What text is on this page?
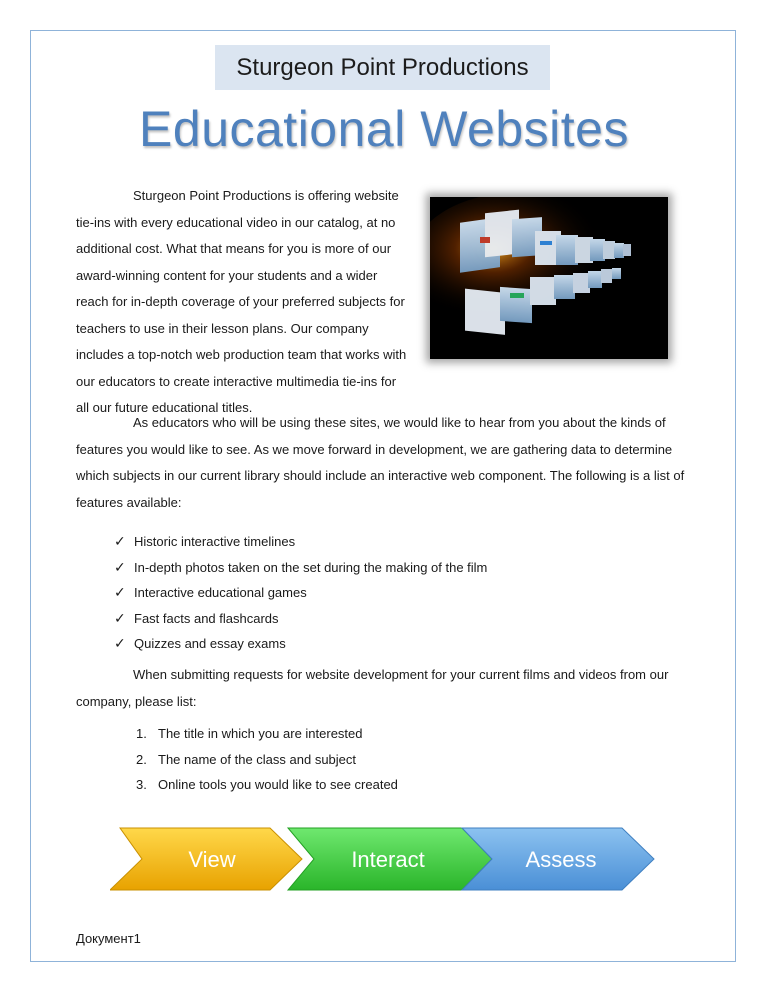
Sturgeon Point Productions
Educational Websites

Sturgeon Point Productions is offering website tie-ins with every educational video in our catalog, at no additional cost. What that means for you is more of our award-winning content for your students and a wider reach for in-depth coverage of your preferred subjects for teachers to use in their lesson plans. Our company includes a top-notch web production team that works with our educators to create interactive multimedia tie-ins for all our future educational titles.

As educators who will be using these sites, we would like to hear from you about the kinds of features you would like to see. As we move forward in development, we are gathering data to determine which subjects in our current library should include an interactive web component. The following is a list of features available:

✓ Historic interactive timelines
✓ In-depth photos taken on the set during the making of the film
✓ Interactive educational games
✓ Fast facts and flashcards
✓ Quizzes and essay exams

When submitting requests for website development for your current films and videos from our company, please list:

1. The title in which you are interested
2. The name of the class and subject
3. Online tools you would like to see created
View	Interact	Assess
Документ1
